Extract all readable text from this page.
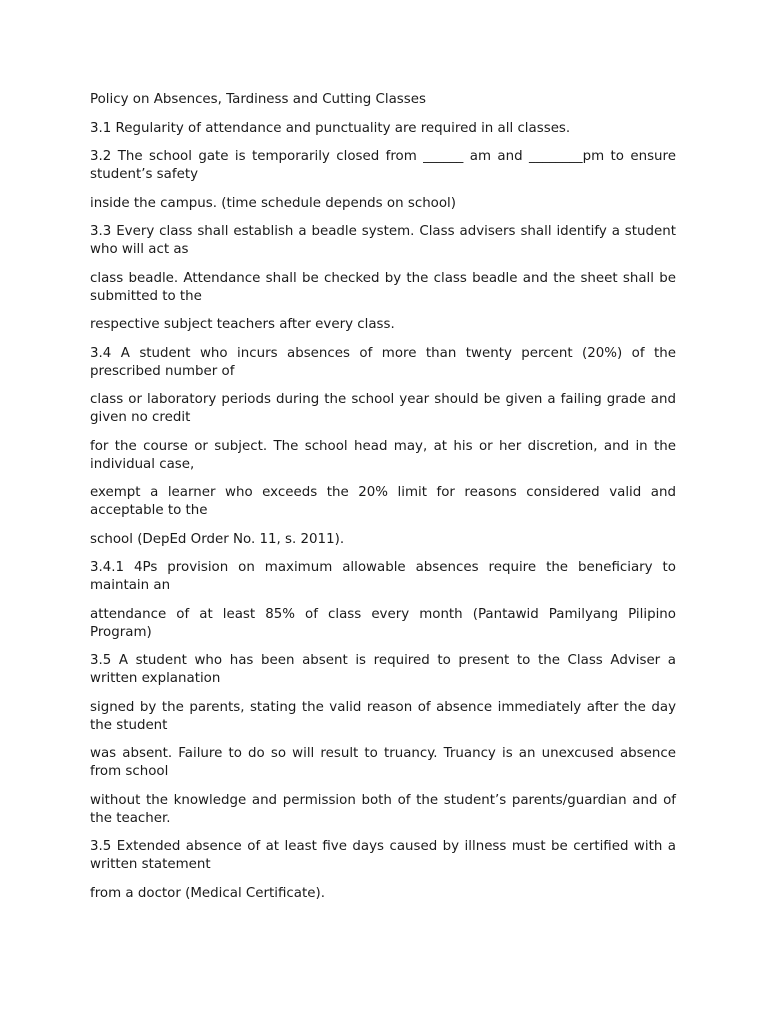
Policy on Absences, Tardiness and Cutting Classes

3.1 Regularity of attendance and punctuality are required in all classes.

3.2 The school gate is temporarily closed from ______ am and ________pm to ensure student’s safety

inside the campus. (time schedule depends on school)

3.3 Every class shall establish a beadle system. Class advisers shall identify a student who will act as

class beadle. Attendance shall be checked by the class beadle and the sheet shall be submitted to the

respective subject teachers after every class.

3.4 A student who incurs absences of more than twenty percent (20%) of the prescribed number of

class or laboratory periods during the school year should be given a failing grade and given no credit

for the course or subject. The school head may, at his or her discretion, and in the individual case,

exempt a learner who exceeds the 20% limit for reasons considered valid and acceptable to the

school (DepEd Order No. 11, s. 2011).

3.4.1 4Ps provision on maximum allowable absences require the beneficiary to maintain an

attendance of at least 85% of class every month (Pantawid Pamilyang Pilipino Program)

3.5 A student who has been absent is required to present to the Class Adviser a written explanation

signed by the parents, stating the valid reason of absence immediately after the day the student

was absent. Failure to do so will result to truancy. Truancy is an unexcused absence from school

without the knowledge and permission both of the student’s parents/guardian and of the teacher.

3.5 Extended absence of at least five days caused by illness must be certified with a written statement

from a doctor (Medical Certificate).
